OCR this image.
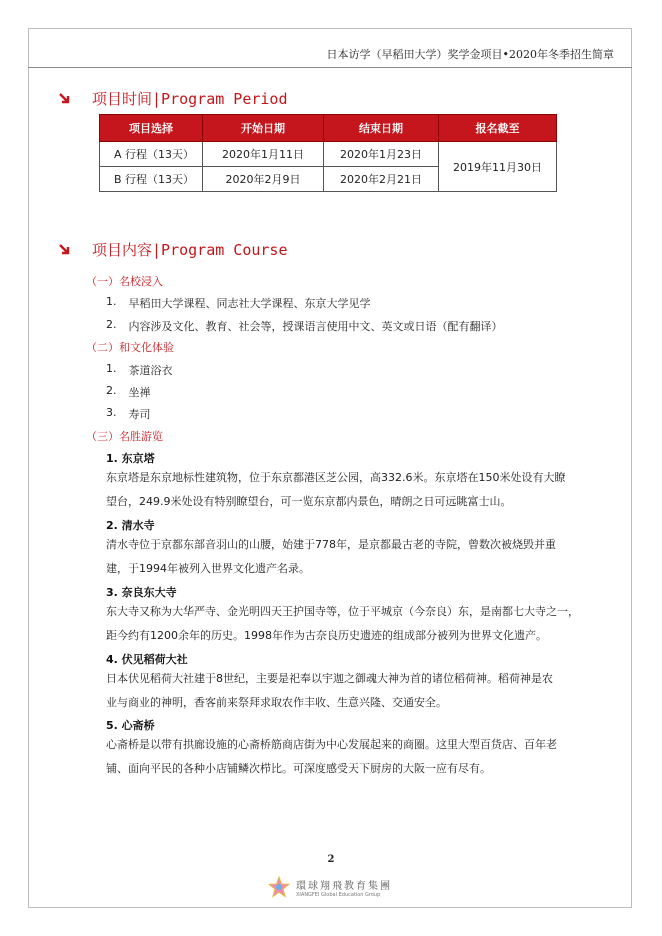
日本访学（早稻田大学）奖学金项目•2020年冬季招生简章
项目时间 |Program Period
项目选择	开始日期	结束日期	报名截至
A 行程（13天）	2020年1月11日	2020年1月23日	2019年11月30日
B 行程（13天）	2020年2月9日	2020年2月21日	
项目内容 |Program Course
（一）名校浸入
1. 早稻田大学课程、同志社大学课程、东京大学见学
2. 内容涉及文化、教育、社会等，授课语言使用中文、英文或日语（配有翻译）
（二）和文化体验
1. 茶道浴衣
2. 坐禅
3. 寿司
（三）名胜游览
1. 东京塔
东京塔是东京地标性建筑物，位于东京都港区芝公园，高332.6米。东京塔在150米处设有大瞭
望台，249.9米处设有特别瞭望台，可一览东京都内景色，晴朗之日可远眺富士山。
2. 清水寺
清水寺位于京都东部音羽山的山腰，始建于778年，是京都最古老的寺院，曾数次被烧毁并重
建，于1994年被列入世界文化遗产名录。
3. 奈良东大寺
东大寺又称为大华严寺、金光明四天王护国寺等，位于平城京（今奈良）东，是南都七大寺之一，
距今约有1200余年的历史。1998年作为古奈良历史遗迹的组成部分被列为世界文化遗产。
4. 伏见稻荷大社
日本伏见稻荷大社建于8世纪，主要是祀奉以宇迦之御魂大神为首的诸位稻荷神。稻荷神是农
业与商业的神明，香客前来祭拜求取农作丰收、生意兴隆、交通安全。
5. 心斋桥
心斋桥是以带有拱廊设施的心斋桥筋商店街为中心发展起来的商圈。这里大型百货店、百年老
铺、面向平民的各种小店铺鳞次栉比。可深度感受天下厨房的大阪一应有尽有。
2
環球翔飛教育集團
XIANGFEI Global Education Group
